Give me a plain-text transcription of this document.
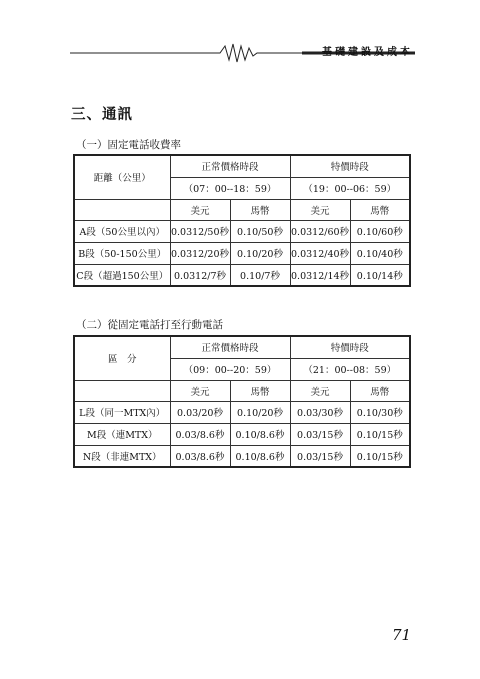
基礎建設及成本
三、通訊
（一）固定電話收費率
距離（公里）	正常價格時段		特價時段	
	（07：00--18：59）		（19：00--06：59）	
	美元	馬幣	美元	馬幣
A段（50公里以內）	0.0312/50秒	0.10/50秒	0.0312/60秒	0.10/60秒
B段（50-150公里）	0.0312/20秒	0.10/20秒	0.0312/40秒	0.10/40秒
C段（超過150公里）	0.0312/7秒	0.10/7秒	0.0312/14秒	0.10/14秒
（二）從固定電話打至行動電話
區　分	正常價格時段		特價時段	
	（09：00--20：59）		（21：00--08：59）	
	美元	馬幣	美元	馬幣
L段（同一MTX內）	0.03/20秒	0.10/20秒	0.03/30秒	0.10/30秒
M段（連MTX）	0.03/8.6秒	0.10/8.6秒	0.03/15秒	0.10/15秒
N段（非連MTX）	0.03/8.6秒	0.10/8.6秒	0.03/15秒	0.10/15秒
71
